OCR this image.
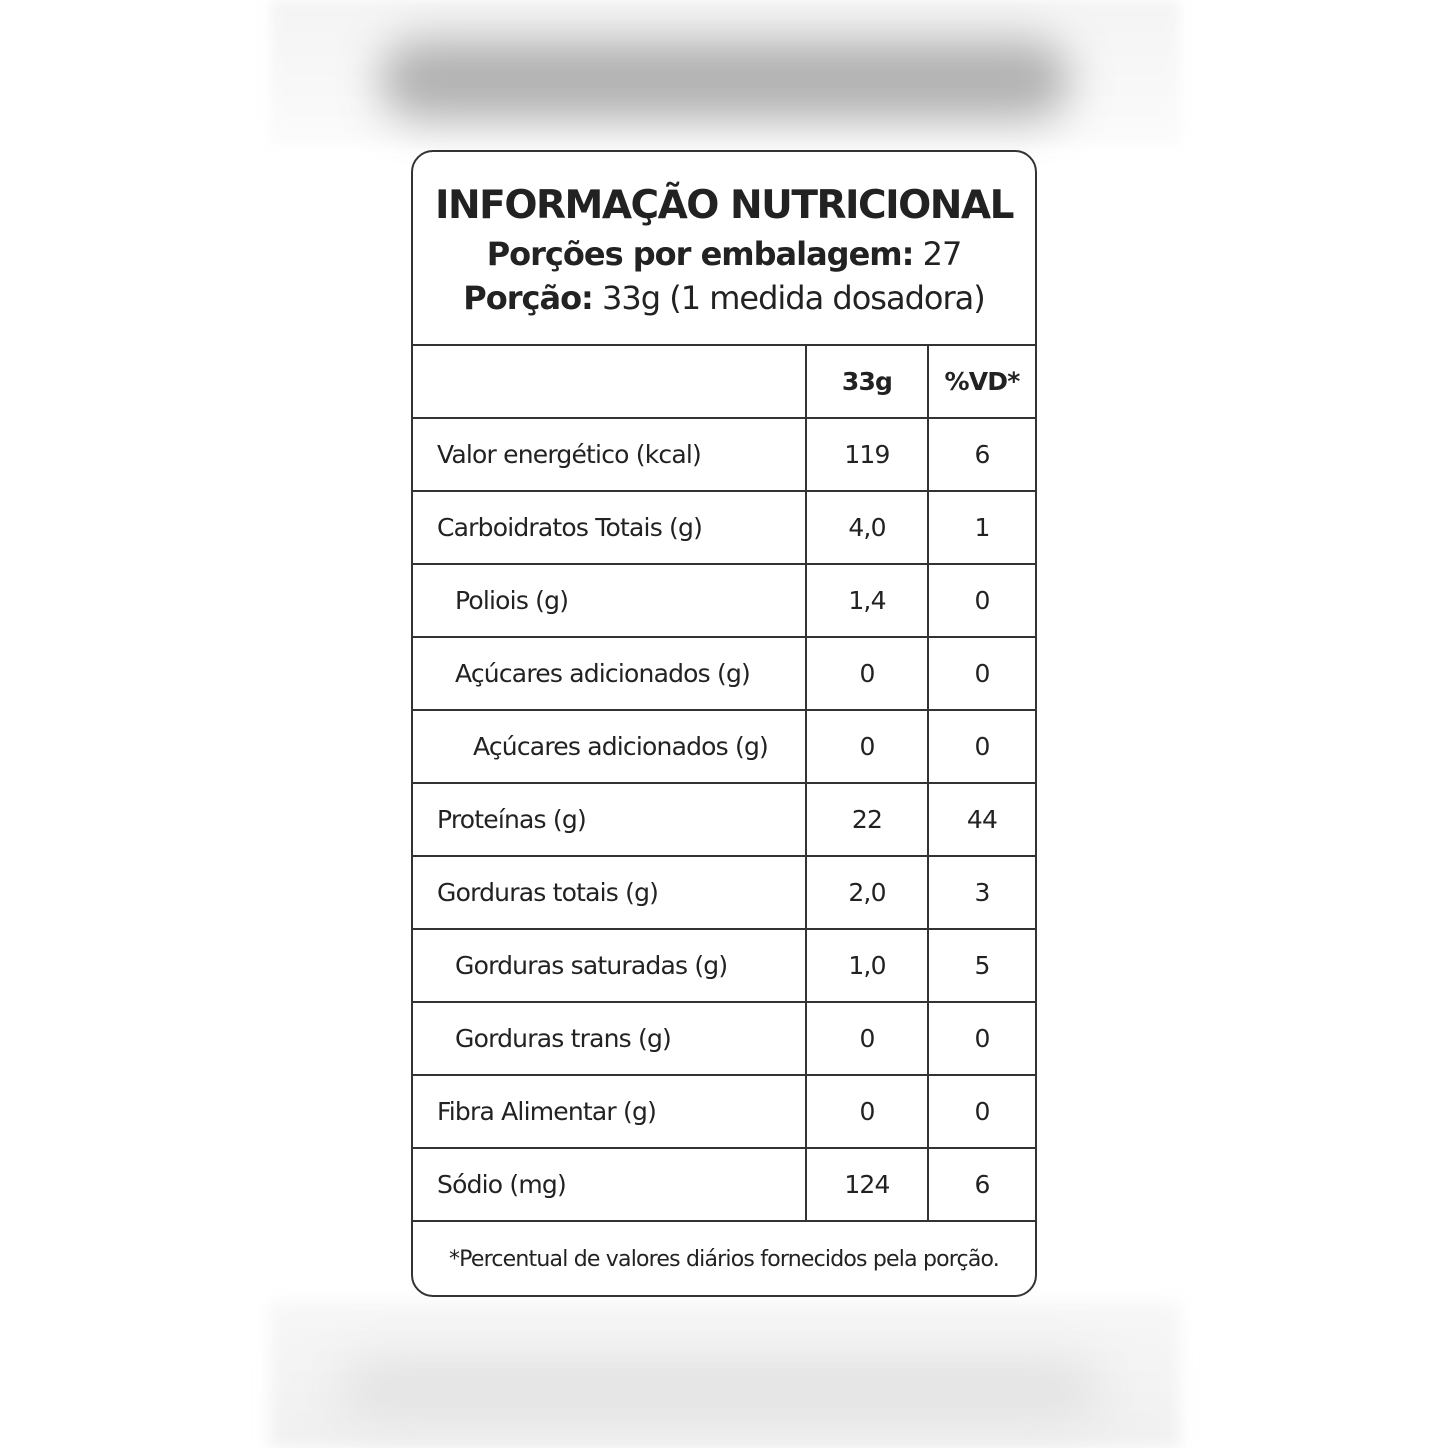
INFORMAÇÃO NUTRICIONAL
Porções por embalagem: 27
Porção: 33g (1 medida dosadora)
	33g	%VD*
Valor energético (kcal)	119	6
Carboidratos Totais (g)	4,0	1
Poliois (g)	1,4	0
Açúcares adicionados (g)	0	0
Açúcares adicionados (g)	0	0
Proteínas (g)	22	44
Gorduras totais (g)	2,0	3
Gorduras saturadas (g)	1,0	5
Gorduras trans (g)	0	0
Fibra Alimentar (g)	0	0
Sódio (mg)	124	6
*Percentual de valores diários fornecidos pela porção.
